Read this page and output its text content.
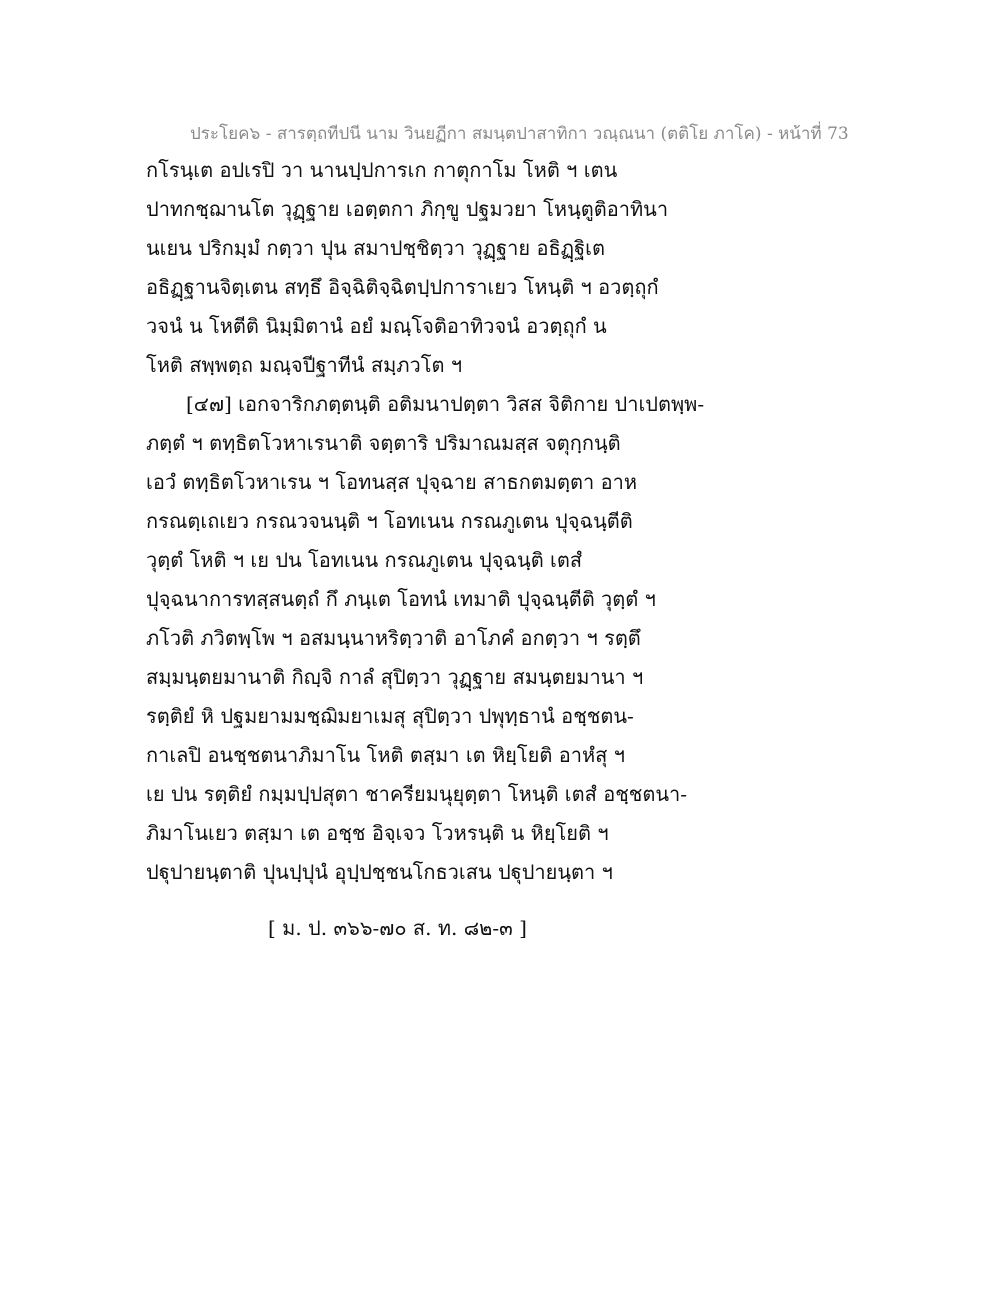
ประโยค๖ - สารตฺถทีปนี นาม วินยฏีกา สมนฺตปาสาทิกา วณฺณนา (ตติโย ภาโค) - หน้าที่ 73
กโรนฺเต อปเรปิ วา นานปฺปการเก กาตุกาโม โหติ ฯ เตน
ปาทกชฺฌานโต วุฏฺฐาย เอตฺตกา ภิกฺขู ปฐมวยา โหนฺตูติอาทินา
นเยน ปริกมฺมํ กตฺวา ปุน สมาปชฺชิตฺวา วุฏฺฐาย อธิฏฺฐิเต
อธิฏฺฐานจิตฺเตน สทฺธึ อิจฺฉิติจฺฉิตปฺปการาเยว โหนฺติ ฯ อวตฺถุกํ
วจนํ น โหตีติ นิมฺมิตานํ อยํ มณฺโจติอาทิวจนํ อวตฺถุกํ น
โหติ สพฺพตฺถ มณฺจปีฐาทีนํ สมฺภวโต ฯ
[๔๗] เอกจาริกภตฺตนฺติ อติมนาปตฺตา วิสส จิติกาย ปาเปตพฺพ-
ภตฺตํ ฯ ตทฺธิตโวหาเรนาติ จตฺตาริ ปริมาณมสฺส จตุกฺกนฺติ
เอวํ ตทฺธิตโวหาเรน ฯ โอทนสฺส ปุจฺฉาย สาธกตมตฺตา อาห
กรณตฺเถเยว กรณวจนนฺติ ฯ โอทเนน กรณภูเตน ปุจฺฉนฺตีติ
วุตฺตํ โหติ ฯ เย ปน โอทเนน กรณภูเตน ปุจฺฉนฺติ เตสํ
ปุจฺฉนาการทสฺสนตฺถํ กึ ภนฺเต โอทนํ เทมาติ ปุจฺฉนฺตีติ วุตฺตํ ฯ
ภโวติ ภวิตพฺโพ ฯ อสมนฺนาหริตฺวาติ อาโภคํ อกตฺวา ฯ รตฺตึ
สมฺมนฺตยมานาติ กิญฺจิ กาลํ สุปิตฺวา วุฏฺฐาย สมนฺตยมานา ฯ
รตฺติยํ หิ ปฐมยามมชฺฌิมยาเมสุ สุปิตฺวา ปพุทฺธานํ อชฺชตน-
กาเลปิ อนชฺชตนาภิมาโน โหติ ตสฺมา เต หิยฺโยติ อาหํสุ ฯ
เย ปน รตฺติยํ กมฺมปฺปสุตา ชาครียมนุยุตฺตา โหนฺติ เตสํ อชฺชตนา-
ภิมาโนเยว ตสฺมา เต อชฺช อิจฺเจว โวหรนฺติ น หิยฺโยติ ฯ
ปฐุปายนฺตาติ ปุนปฺปุนํ อุปฺปชฺชนโกธวเสน ปฐุปายนฺตา ฯ
[ ม. ป. ๓๖๖-๗๐ ส. ท. ๘๒-๓ ]
